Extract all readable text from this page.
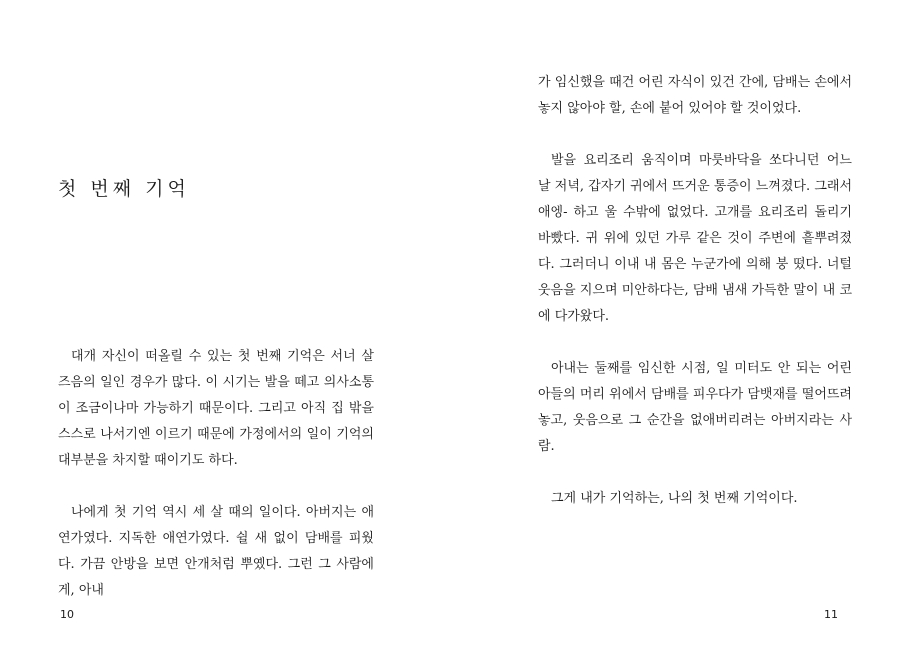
첫 번째 기억

대개 자신이 떠올릴 수 있는 첫 번째 기억은 서너 살 즈음의 일인 경우가 많다. 이 시기는 발을 떼고 의사소통이 조금이나마 가능하기 때문이다. 그리고 아직 집 밖을 스스로 나서기엔 이르기 때문에 가정에서의 일이 기억의 대부분을 차지할 때이기도 하다.

나에게 첫 기억 역시 세 살 때의 일이다. 아버지는 애연가였다. 지독한 애연가였다. 쉴 새 없이 담배를 피웠다. 가끔 안방을 보면 안개처럼 뿌옜다. 그런 그 사람에게, 아내

10

가 임신했을 때건 어린 자식이 있건 간에, 담배는 손에서 놓지 않아야 할, 손에 붙어 있어야 할 것이었다.

발을 요리조리 움직이며 마룻바닥을 쏘다니던 어느 날 저녁, 갑자기 귀에서 뜨거운 통증이 느껴졌다. 그래서 애엥- 하고 울 수밖에 없었다. 고개를 요리조리 돌리기 바빴다. 귀 위에 있던 가루 같은 것이 주변에 흩뿌려졌다. 그러더니 이내 내 몸은 누군가에 의해 붕 떴다. 너털웃음을 지으며 미안하다는, 담배 냄새 가득한 말이 내 코에 다가왔다.

아내는 둘째를 임신한 시점, 일 미터도 안 되는 어린 아들의 머리 위에서 담배를 피우다가 담뱃재를 떨어뜨려 놓고, 웃음으로 그 순간을 없애버리려는 아버지라는 사람.

그게 내가 기억하는, 나의 첫 번째 기억이다.

11
